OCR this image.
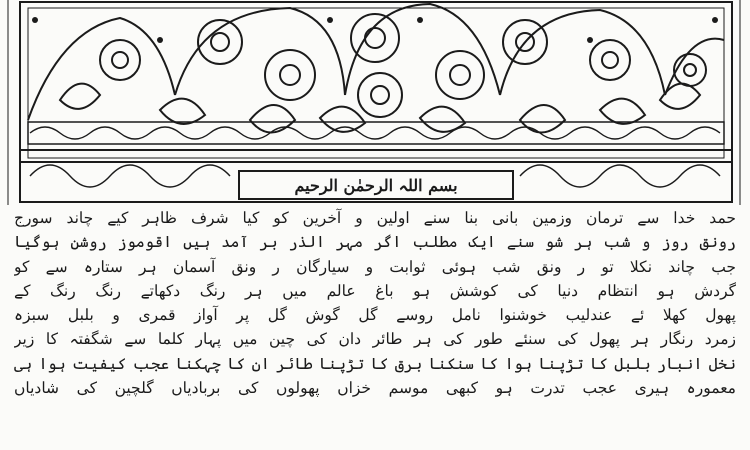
بسم اللہ الرحمٰن الرحیم
حمد خدا سے ترمان وزمین بانی بنا سنے اولین و آخرین کو کیا شرف ظاہر کیے چاند سورج
رونق روز و شب ہر شو سنے ایک مطلب اگر مہر الذر بر آمد ہیں اقوموز روشن ہوگیا
جب چاند نکلا تو ر ونق شب ہوئی ثوابت و سیارگان ر ونق آسمان ہر ستارہ سے کو
گردش ہو انتظام دنیا کی کوشش ہو باغ عالم میں ہر رنگ دکھاتے رنگ رنگ کے
پھول کھلا ئے عندلیب خوشنوا نامل روسے گل گوش گل پر آواز قمری و بلبل سبزہ
زمرد رنگار ہر پھول کی سنئے طور کی ہر طائر دان کی چین میں پہار کلما سے شگفتہ کا زیر
نخل انبار بلبل کا تڑپنا ہوا کا سنکنا برق کا تڑپنا طائر ان کا چہکنا عجب کیفیت ہوا ہی
معمورہ ہیری عجب تدرت ہو کبھی موسم خزاں پھولوں کی بربادیاں گلچین کی شادیاں
